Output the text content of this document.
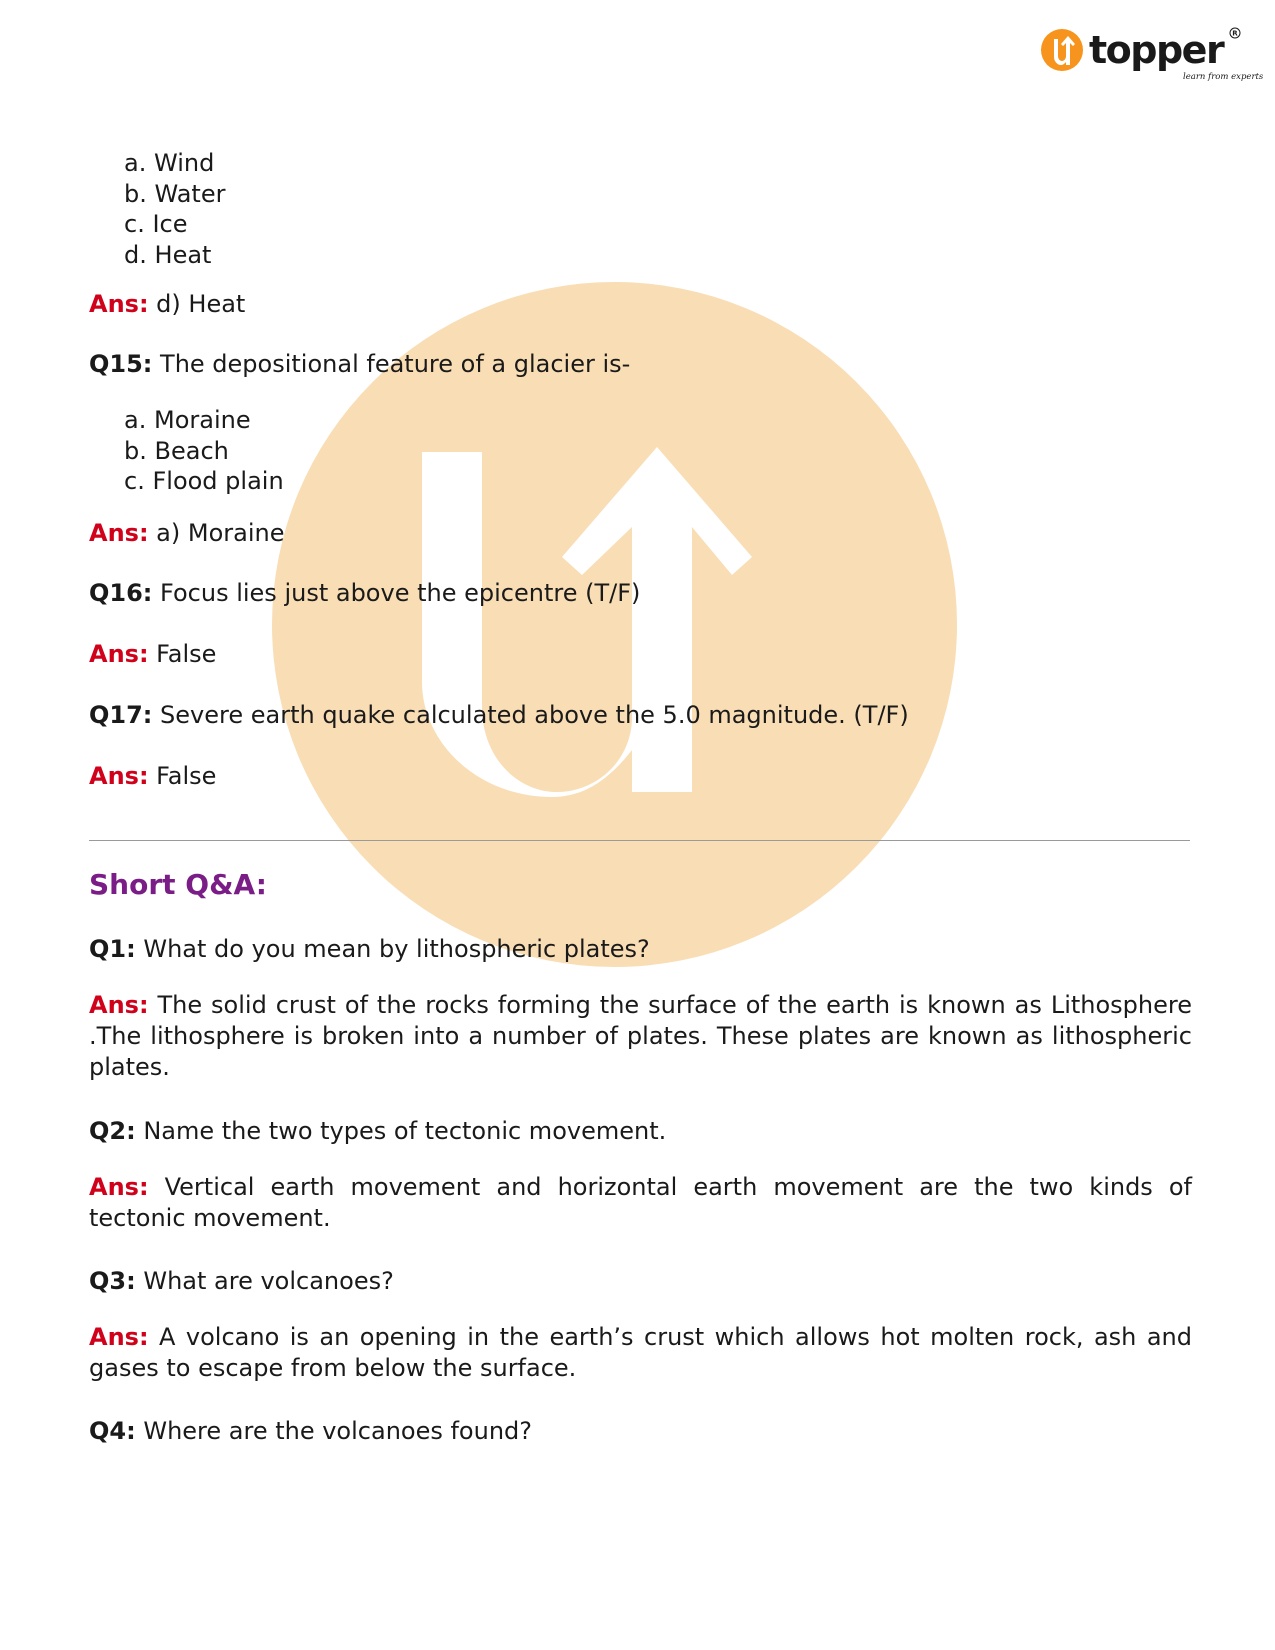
topper R
learn from experts
a. Wind
b. Water
c. Ice
d. Heat
Ans: d) Heat
Q15: The depositional feature of a glacier is-
a. Moraine
b. Beach
c. Flood plain
Ans: a) Moraine
Q16: Focus lies just above the epicentre (T/F)
Ans: False
Q17: Severe earth quake calculated above the 5.0 magnitude. (T/F)
Ans: False
Short Q&A:
Q1: What do you mean by lithospheric plates?
Ans: The solid crust of the rocks forming the surface of the earth is known as Lithosphere .The lithosphere is broken into a number of plates. These plates are known as lithospheric plates.
Q2: Name the two types of tectonic movement.
Ans: Vertical earth movement and horizontal earth movement are the two kinds of tectonic movement.
Q3: What are volcanoes?
Ans: A volcano is an opening in the earth’s crust which allows hot molten rock, ash and gases to escape from below the surface.
Q4: Where are the volcanoes found?
